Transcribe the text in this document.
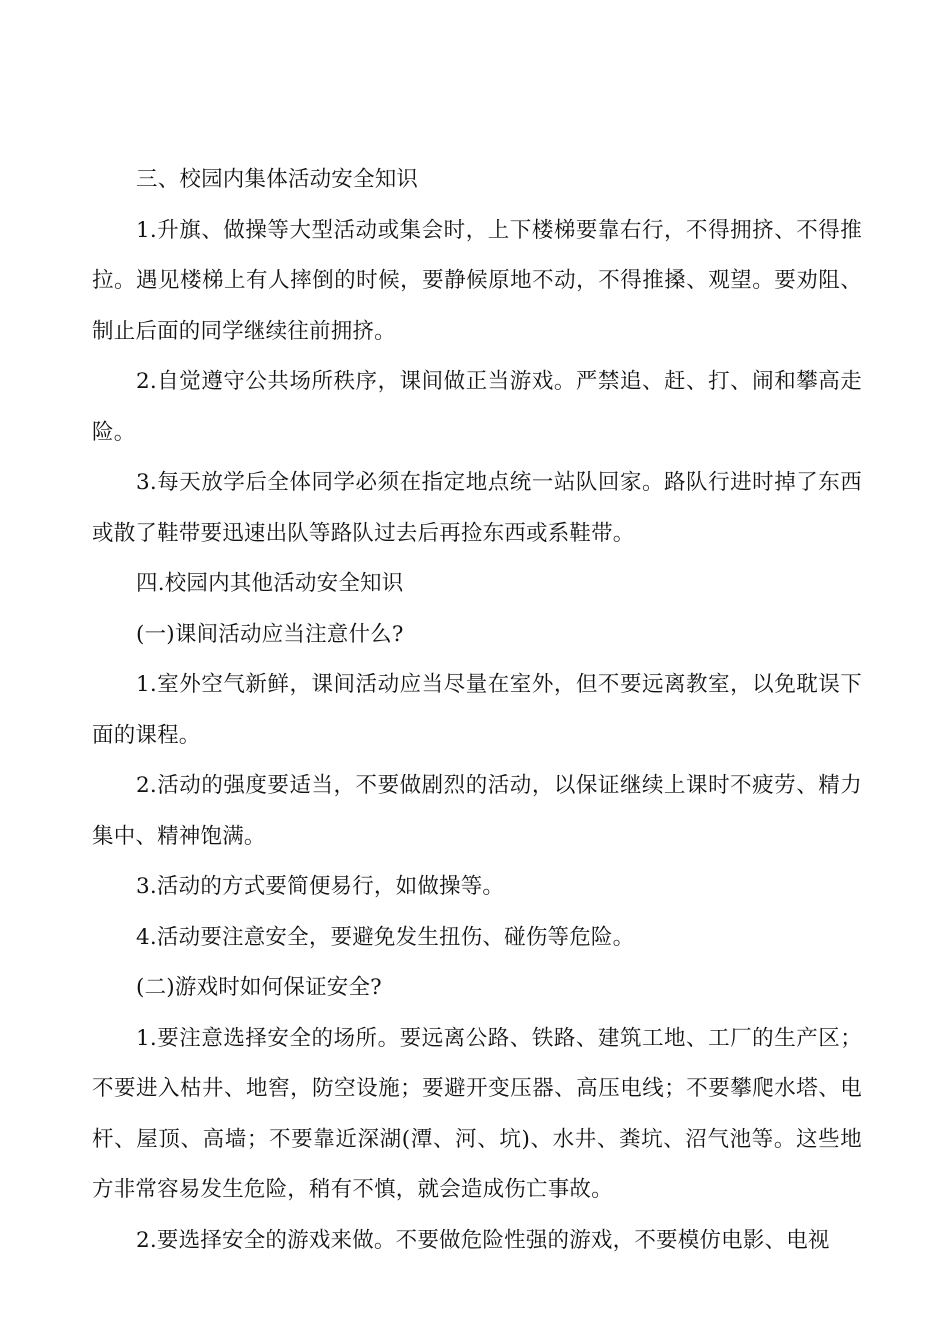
三、校园内集体活动安全知识

1.升旗、做操等大型活动或集会时，上下楼梯要靠右行，不得拥挤、不得推拉。遇见楼梯上有人摔倒的时候，要静候原地不动，不得推搡、观望。要劝阻、制止后面的同学继续往前拥挤。

2.自觉遵守公共场所秩序，课间做正当游戏。严禁追、赶、打、闹和攀高走险。

3.每天放学后全体同学必须在指定地点统一站队回家。路队行进时掉了东西或散了鞋带要迅速出队等路队过去后再捡东西或系鞋带。

四.校园内其他活动安全知识

(一)课间活动应当注意什么?

1.室外空气新鲜，课间活动应当尽量在室外，但不要远离教室，以免耽误下面的课程。

2.活动的强度要适当，不要做剧烈的活动，以保证继续上课时不疲劳、精力集中、精神饱满。

3.活动的方式要简便易行，如做操等。

4.活动要注意安全，要避免发生扭伤、碰伤等危险。

(二)游戏时如何保证安全?

1.要注意选择安全的场所。要远离公路、铁路、建筑工地、工厂的生产区；不要进入枯井、地窖，防空设施；要避开变压器、高压电线；不要攀爬水塔、电杆、屋顶、高墙；不要靠近深湖(潭、河、坑)、水井、粪坑、沼气池等。这些地方非常容易发生危险，稍有不慎，就会造成伤亡事故。

2.要选择安全的游戏来做。不要做危险性强的游戏，不要模仿电影、电视
